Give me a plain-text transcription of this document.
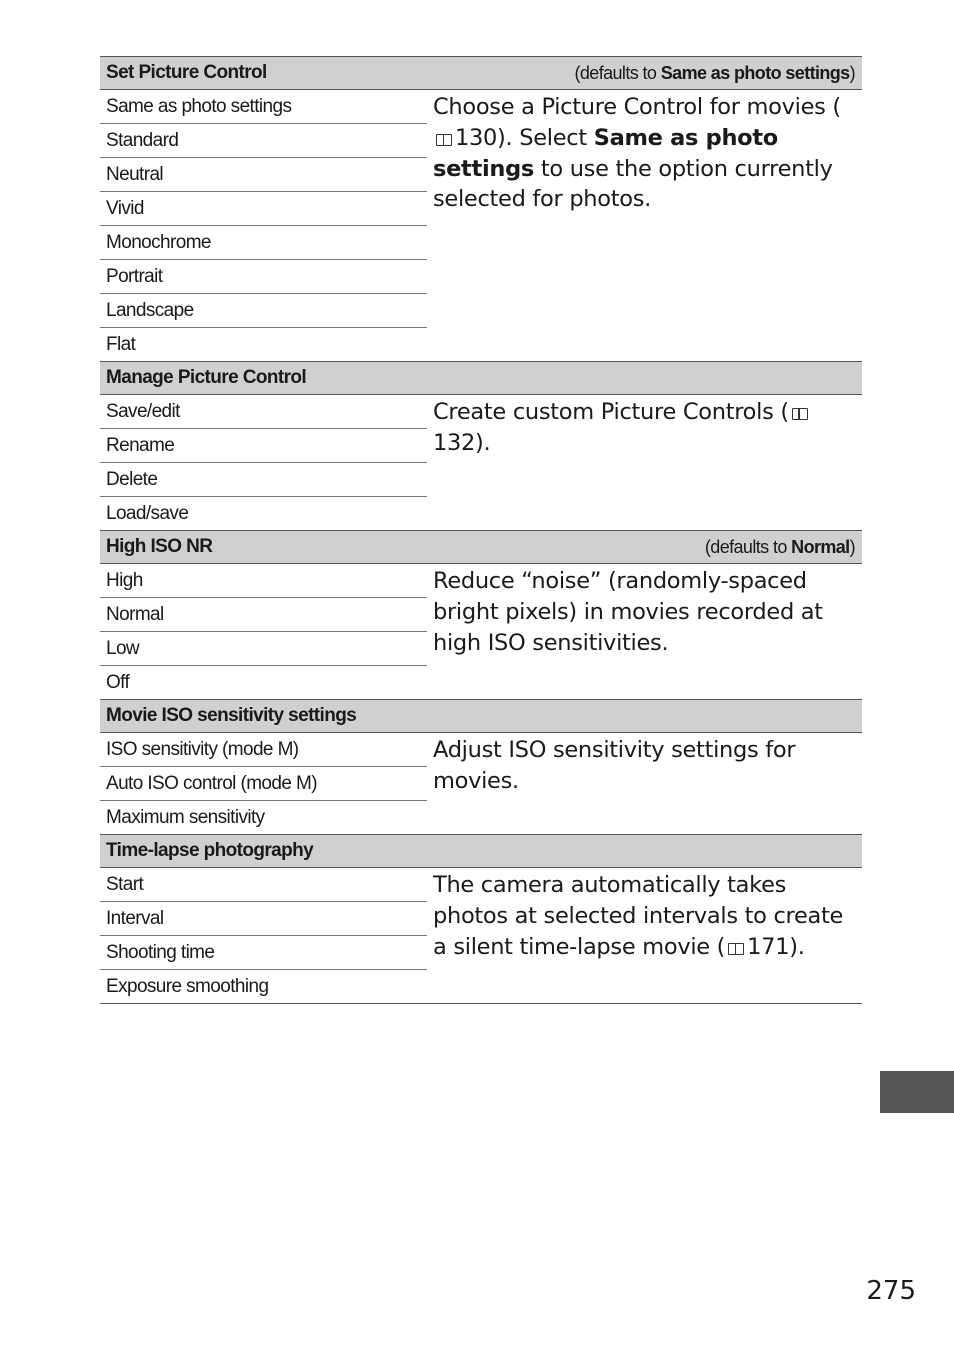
Set Picture Control	(defaults to Same as photo settings)
Same as photo settings
Standard
Neutral
Vivid
Monochrome
Portrait
Landscape
Flat
Choose a Picture Control for movies (130). Select Same as photo settings to use the option currently selected for photos.
Manage Picture Control
Save/edit
Rename
Delete
Load/save
Create custom Picture Controls (132).
High ISO NR	(defaults to Normal)
High
Normal
Low
Off
Reduce “noise” (randomly-spaced bright pixels) in movies recorded at high ISO sensitivities.
Movie ISO sensitivity settings
ISO sensitivity (mode M)
Auto ISO control (mode M)
Maximum sensitivity
Adjust ISO sensitivity settings for movies.
Time-lapse photography
Start
Interval
Shooting time
Exposure smoothing
The camera automatically takes photos at selected intervals to create a silent time-lapse movie ( 171).
275
